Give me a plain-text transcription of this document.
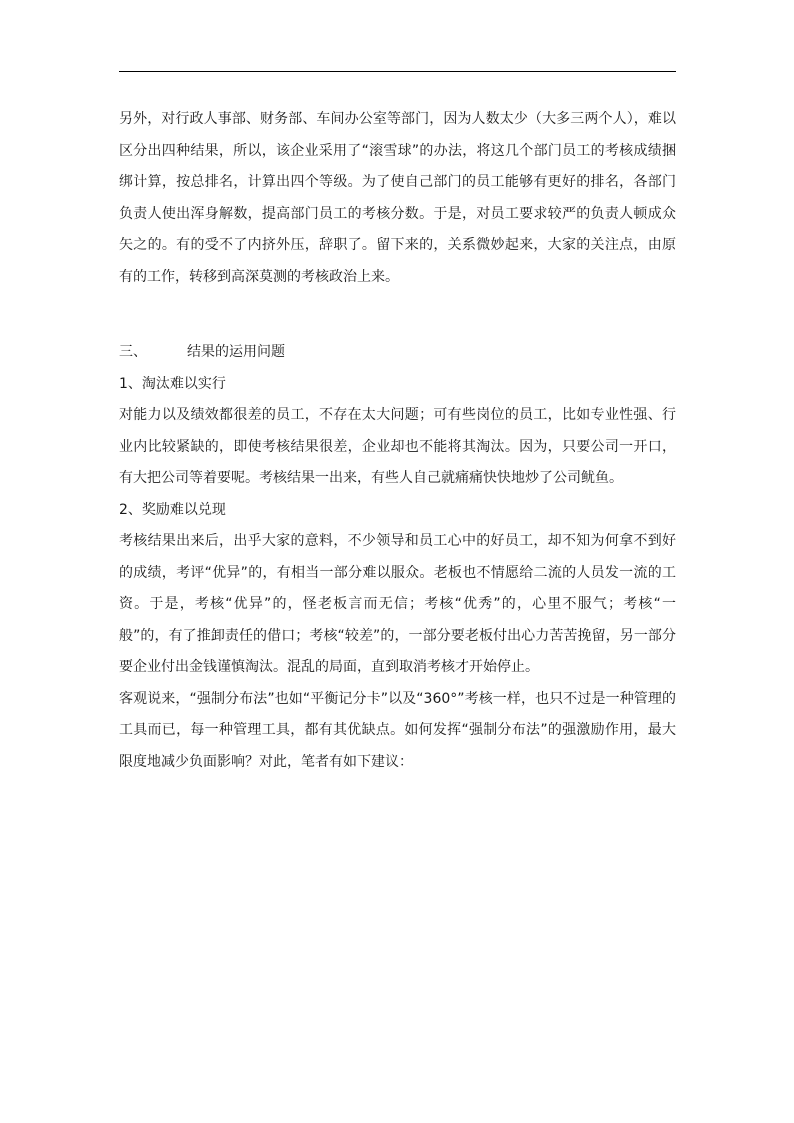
另外，对行政人事部、财务部、车间办公室等部门，因为人数太少（大多三两个人），难以区分出四种结果，所以，该企业采用了“滚雪球”的办法，将这几个部门员工的考核成绩捆绑计算，按总排名，计算出四个等级。为了使自己部门的员工能够有更好的排名，各部门负责人使出浑身解数，提高部门员工的考核分数。于是，对员工要求较严的负责人顿成众矢之的。有的受不了内挤外压，辞职了。留下来的，关系微妙起来，大家的关注点，由原有的工作，转移到高深莫测的考核政治上来。

三、	结果的运用问题

1、淘汰难以实行

对能力以及绩效都很差的员工，不存在太大问题；可有些岗位的员工，比如专业性强、行业内比较紧缺的，即使考核结果很差，企业却也不能将其淘汰。因为，只要公司一开口，有大把公司等着要呢。考核结果一出来，有些人自己就痛痛快快地炒了公司鱿鱼。

2、奖励难以兑现

考核结果出来后，出乎大家的意料，不少领导和员工心中的好员工，却不知为何拿不到好的成绩，考评“优异”的，有相当一部分难以服众。老板也不情愿给二流的人员发一流的工资。于是，考核“优异”的，怪老板言而无信；考核“优秀”的，心里不服气；考核“一般”的，有了推卸责任的借口；考核“较差”的，一部分要老板付出心力苦苦挽留，另一部分要企业付出金钱谨慎淘汰。混乱的局面，直到取消考核才开始停止。

客观说来，“强制分布法”也如“平衡记分卡”以及“360°”考核一样，也只不过是一种管理的工具而已，每一种管理工具，都有其优缺点。如何发挥“强制分布法”的强激励作用，最大限度地减少负面影响？对此，笔者有如下建议：
